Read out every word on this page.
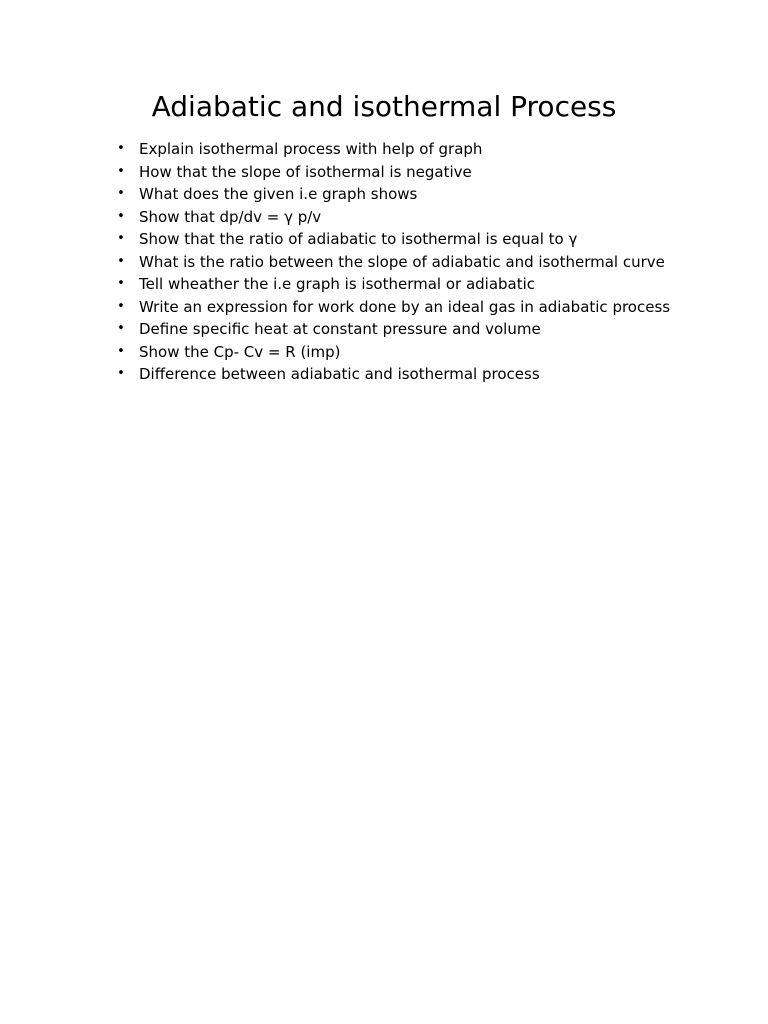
Adiabatic and isothermal Process
• Explain isothermal process with help of graph
• How that the slope of isothermal is negative
• What does the given i.e graph shows
• Show that dp/dv = γ p/v
• Show that the ratio of adiabatic to isothermal is equal to γ
• What is the ratio between the slope of adiabatic and isothermal curve
• Tell wheather the i.e graph is isothermal or adiabatic
• Write an expression for work done by an ideal gas in adiabatic process
• Define specific heat at constant pressure and volume
• Show the Cp- Cv = R (imp)
• Difference between adiabatic and isothermal process
